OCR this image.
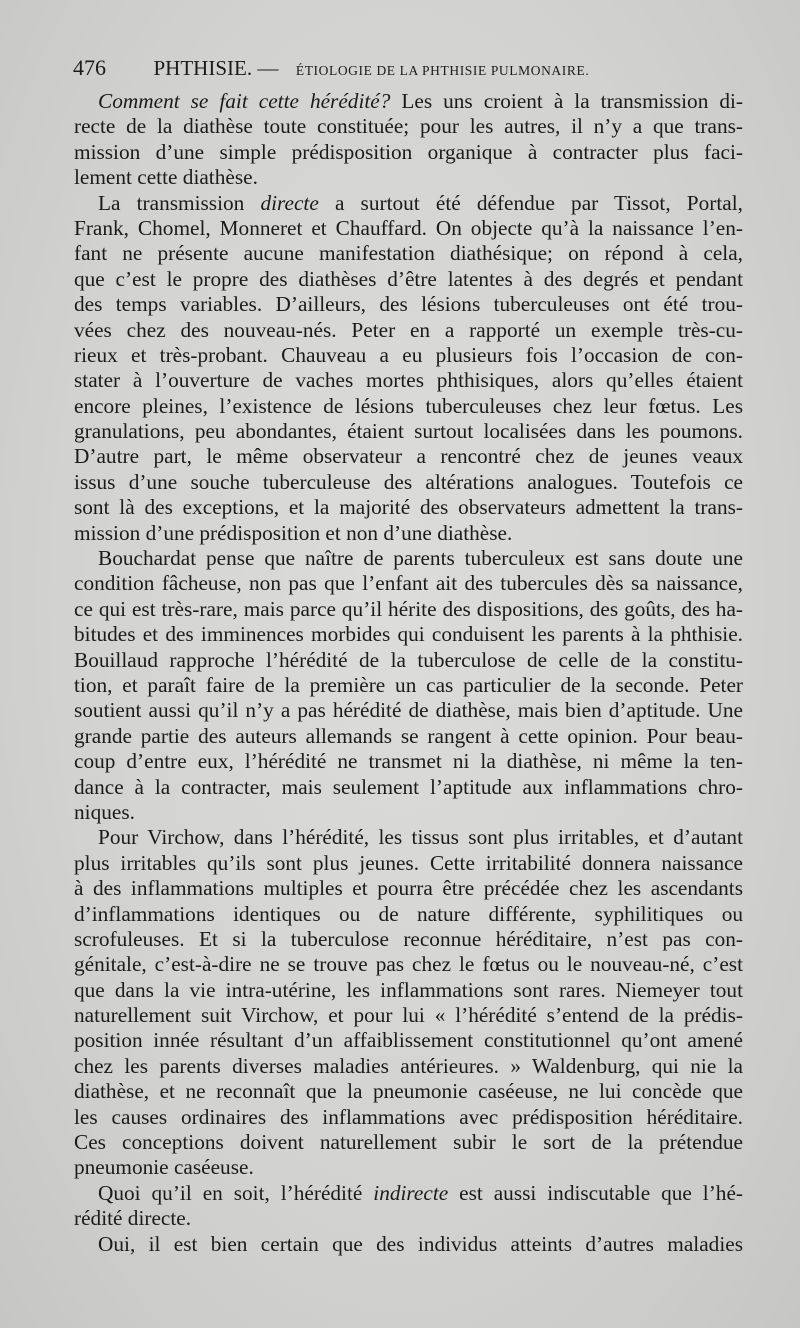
476 PHTHISIE. — ÉTIOLOGIE DE LA PHTHISIE PULMONAIRE.
Comment se fait cette hérédité? Les uns croient à la transmission di-
recte de la diathèse toute constituée; pour les autres, il n’y a que trans-
mission d’une simple prédisposition organique à contracter plus faci-
lement cette diathèse.
La transmission directe a surtout été défendue par Tissot, Portal,
Frank, Chomel, Monneret et Chauffard. On objecte qu’à la naissance l’en-
fant ne présente aucune manifestation diathésique; on répond à cela,
que c’est le propre des diathèses d’être latentes à des degrés et pendant
des temps variables. D’ailleurs, des lésions tuberculeuses ont été trou-
vées chez des nouveau-nés. Peter en a rapporté un exemple très-cu-
rieux et très-probant. Chauveau a eu plusieurs fois l’occasion de con-
stater à l’ouverture de vaches mortes phthisiques, alors qu’elles étaient
encore pleines, l’existence de lésions tuberculeuses chez leur fœtus. Les
granulations, peu abondantes, étaient surtout localisées dans les poumons.
D’autre part, le même observateur a rencontré chez de jeunes veaux
issus d’une souche tuberculeuse des altérations analogues. Toutefois ce
sont là des exceptions, et la majorité des observateurs admettent la trans-
mission d’une prédisposition et non d’une diathèse.
Bouchardat pense que naître de parents tuberculeux est sans doute une
condition fâcheuse, non pas que l’enfant ait des tubercules dès sa naissance,
ce qui est très-rare, mais parce qu’il hérite des dispositions, des goûts, des ha-
bitudes et des imminences morbides qui conduisent les parents à la phthisie.
Bouillaud rapproche l’hérédité de la tuberculose de celle de la constitu-
tion, et paraît faire de la première un cas particulier de la seconde. Peter
soutient aussi qu’il n’y a pas hérédité de diathèse, mais bien d’aptitude. Une
grande partie des auteurs allemands se rangent à cette opinion. Pour beau-
coup d’entre eux, l’hérédité ne transmet ni la diathèse, ni même la ten-
dance à la contracter, mais seulement l’aptitude aux inflammations chro-
niques.
Pour Virchow, dans l’hérédité, les tissus sont plus irritables, et d’autant
plus irritables qu’ils sont plus jeunes. Cette irritabilité donnera naissance
à des inflammations multiples et pourra être précédée chez les ascendants
d’inflammations identiques ou de nature différente, syphilitiques ou
scrofuleuses. Et si la tuberculose reconnue héréditaire, n’est pas con-
génitale, c’est-à-dire ne se trouve pas chez le fœtus ou le nouveau-né, c’est
que dans la vie intra-utérine, les inflammations sont rares. Niemeyer tout
naturellement suit Virchow, et pour lui « l’hérédité s’entend de la prédis-
position innée résultant d’un affaiblissement constitutionnel qu’ont amené
chez les parents diverses maladies antérieures. » Waldenburg, qui nie la
diathèse, et ne reconnaît que la pneumonie caséeuse, ne lui concède que
les causes ordinaires des inflammations avec prédisposition héréditaire.
Ces conceptions doivent naturellement subir le sort de la prétendue
pneumonie caséeuse.
Quoi qu’il en soit, l’hérédité indirecte est aussi indiscutable que l’hé-
rédité directe.
Oui, il est bien certain que des individus atteints d’autres maladies
